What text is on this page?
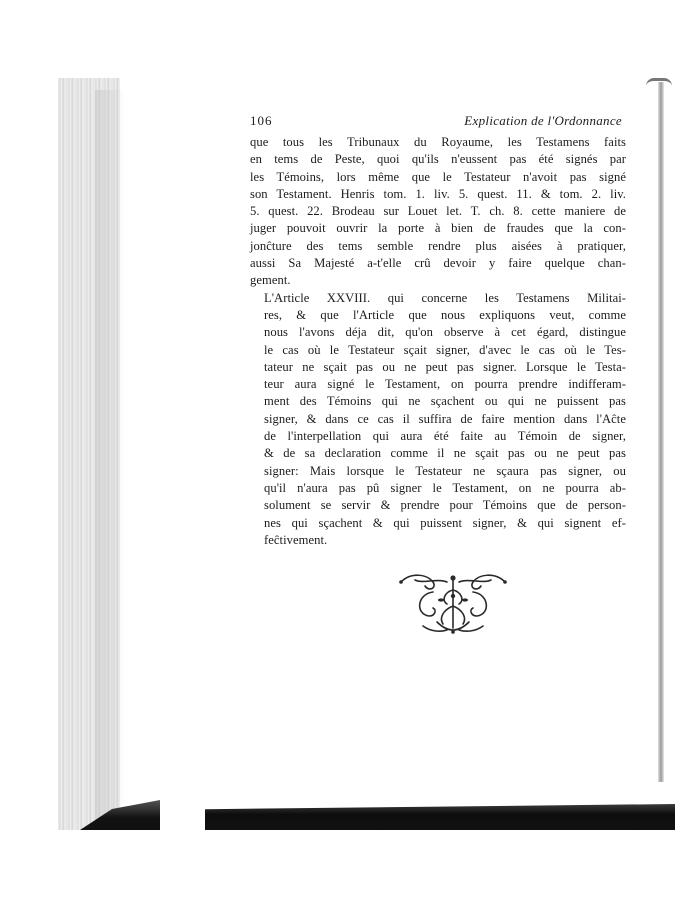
106	Explication de l'Ordonnance

que tous les Tribunaux du Royaume, les Testamens faits
en tems de Peste, quoi qu'ils n'eussent pas été signés par
les Témoins, lors même que le Testateur n'avoit pas signé
son Testament. Henris tom. 1. liv. 5. quest. 11. & tom. 2. liv.
5. quest. 22. Brodeau sur Louet let. T. ch. 8. cette maniere de
juger pouvoit ouvrir la porte à bien de fraudes que la con-
jonĉture des tems semble rendre plus aisées à pratiquer,
aussi Sa Majesté a-t'elle crû devoir y faire quelque chan-
gement.

L'Article XXVIII. qui concerne les Testamens Militai-
res, & que l'Article que nous expliquons veut, comme
nous l'avons déja dit, qu'on observe à cet égard, distingue
le cas où le Testateur sçait signer, d'avec le cas où le Tes-
tateur ne sçait pas ou ne peut pas signer. Lorsque le Testa-
teur aura signé le Testament, on pourra prendre indifferam-
ment des Témoins qui ne sçachent ou qui ne puissent pas
signer, & dans ce cas il suffira de faire mention dans l'Aĉte
de l'interpellation qui aura été faite au Témoin de signer,
& de sa declaration comme il ne sçait pas ou ne peut pas
signer: Mais lorsque le Testateur ne sçaura pas signer, ou
qu'il n'aura pas pû signer le Testament, on ne pourra ab-
solument se servir & prendre pour Témoins que de person-
nes qui sçachent & qui puissent signer, & qui signent ef-
feĉtivement.
